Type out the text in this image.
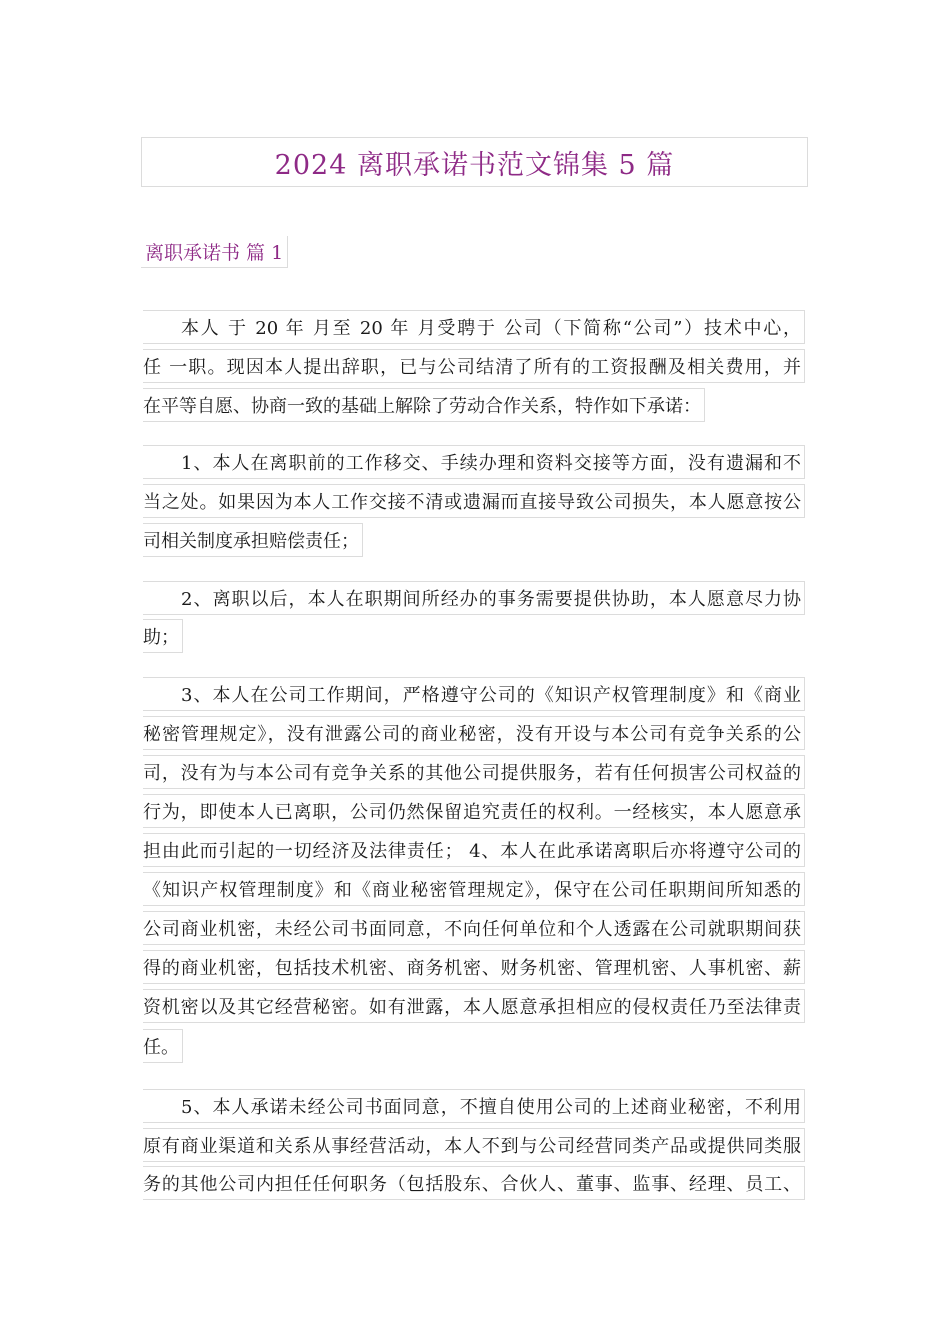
2024 离职承诺书范文锦集 5 篇
离职承诺书 篇 1
本人 于 20 年 月至 20 年 月受聘于 公司（下简称“公司”）技术中心，
任 一职。现因本人提出辞职，已与公司结清了所有的工资报酬及相关费用，并
在平等自愿、协商一致的基础上解除了劳动合作关系，特作如下承诺：
1、本人在离职前的工作移交、手续办理和资料交接等方面，没有遗漏和不
当之处。如果因为本人工作交接不清或遗漏而直接导致公司损失，本人愿意按公
司相关制度承担赔偿责任；
2、离职以后，本人在职期间所经办的事务需要提供协助，本人愿意尽力协
助；
3、本人在公司工作期间，严格遵守公司的《知识产权管理制度》和《商业
秘密管理规定》，没有泄露公司的商业秘密，没有开设与本公司有竞争关系的公
司，没有为与本公司有竞争关系的其他公司提供服务，若有任何损害公司权益的
行为，即使本人已离职，公司仍然保留追究责任的权利。一经核实，本人愿意承
担由此而引起的一切经济及法律责任； 4、本人在此承诺离职后亦将遵守公司的
《知识产权管理制度》和《商业秘密管理规定》，保守在公司任职期间所知悉的
公司商业机密，未经公司书面同意，不向任何单位和个人透露在公司就职期间获
得的商业机密，包括技术机密、商务机密、财务机密、管理机密、人事机密、薪
资机密以及其它经营秘密。如有泄露，本人愿意承担相应的侵权责任乃至法律责
任。
5、本人承诺未经公司书面同意，不擅自使用公司的上述商业秘密，不利用
原有商业渠道和关系从事经营活动，本人不到与公司经营同类产品或提供同类服
务的其他公司内担任任何职务（包括股东、合伙人、董事、监事、经理、员工、
